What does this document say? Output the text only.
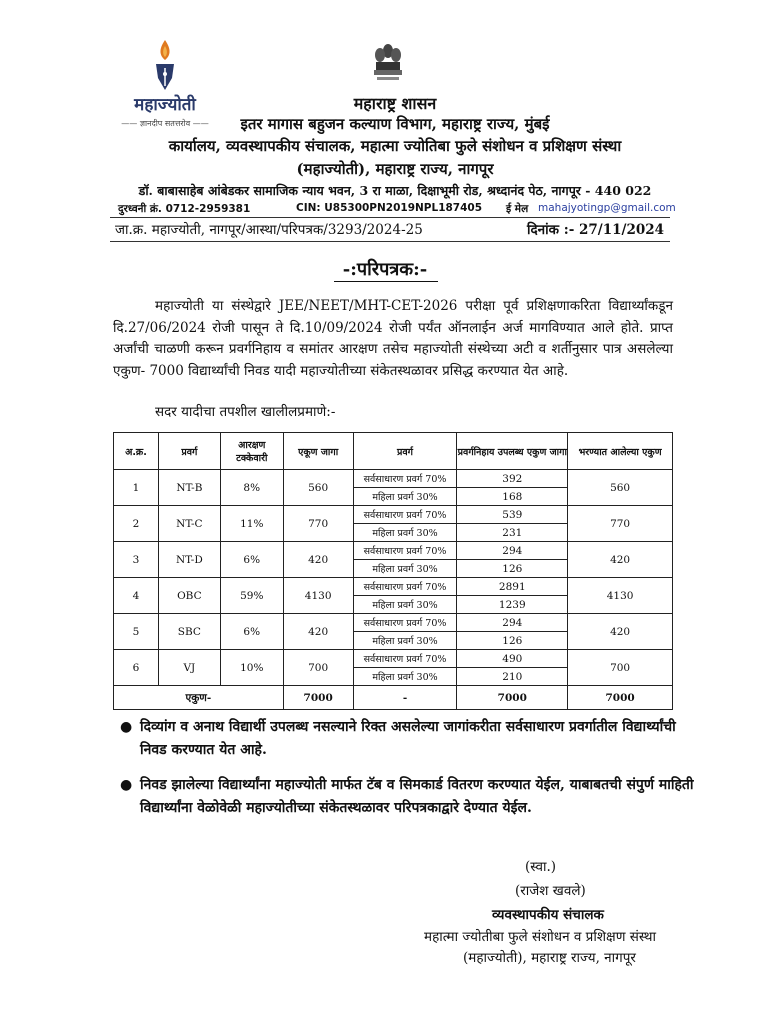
महाज्योती
—— ज्ञानदीप सतत्तरोव ——
महाराष्ट्र शासन
इतर मागास बहुजन कल्याण विभाग, महाराष्ट्र राज्य, मुंबई
कार्यालय, व्यवस्थापकीय संचालक, महात्मा ज्योतिबा फुले संशोधन व प्रशिक्षण संस्था
(महाज्योती), महाराष्ट्र राज्य, नागपूर
डॉ. बाबासाहेब आंबेडकर सामाजिक न्याय भवन, 3 रा माळा, दिक्षाभूमी रोड, श्रध्दानंद पेठ, नागपूर - 440 022
दुरध्वनी क्रं. 0712-2959381	CIN: U85300PN2019NPL187405 ई मेल mahajyotingp@gmail.com
जा.क्र. महाज्योती, नागपूर/आस्था/परिपत्रक/3293/2024-25	दिनांक :- 27/11/2024
-:परिपत्रक:-
महाज्योती या संस्थेद्वारे JEE/NEET/MHT-CET-2026 परीक्षा पूर्व प्रशिक्षणाकरिता विद्यार्थ्यांकडून दि.27/06/2024 रोजी पासून ते दि.10/09/2024 रोजी पर्यंत ऑनलाईन अर्ज मागविण्यात आले होते. प्राप्त अर्जांची चाळणी करून प्रवर्गनिहाय व समांतर आरक्षण तसेच महाज्योती संस्थेच्या अटी व शर्तीनुसार पात्र असलेल्या एकुण- 7000 विद्यार्थ्यांची निवड यादी महाज्योतीच्या संकेतस्थळावर प्रसिद्ध करण्यात येत आहे.
सदर यादीचा तपशील खालीलप्रमाणे:-
अ.क्र.	प्रवर्ग	आरक्षण टक्केवारी	एकूण जागा	प्रवर्ग	प्रवर्गनिहाय उपलब्ध एकुण जागा	भरण्यात आलेल्या एकुण
1	NT-B	8%	560	सर्वसाधारण प्रवर्ग 70%	392	560
				महिला प्रवर्ग 30%	168	
2	NT-C	11%	770	सर्वसाधारण प्रवर्ग 70%	539	770
				महिला प्रवर्ग 30%	231	
3	NT-D	6%	420	सर्वसाधारण प्रवर्ग 70%	294	420
				महिला प्रवर्ग 30%	126	
4	OBC	59%	4130	सर्वसाधारण प्रवर्ग 70%	2891	4130
				महिला प्रवर्ग 30%	1239	
5	SBC	6%	420	सर्वसाधारण प्रवर्ग 70%	294	420
				महिला प्रवर्ग 30%	126	
6	VJ	10%	700	सर्वसाधारण प्रवर्ग 70%	490	700
				महिला प्रवर्ग 30%	210	
एकुण-			7000	-	7000	7000
● दिव्यांग व अनाथ विद्यार्थी उपलब्ध नसल्याने रिक्त असलेल्या जागांकरीता सर्वसाधारण प्रवर्गातील विद्यार्थ्यांची निवड करण्यात येत आहे.
● निवड झालेल्या विद्यार्थ्यांना महाज्योती मार्फत टॅब व सिमकार्ड वितरण करण्यात येईल, याबाबतची संपुर्ण माहिती विद्यार्थ्यांना वेळोवेळी महाज्योतीच्या संकेतस्थळावर परिपत्रकाद्वारे देण्यात येईल.
(स्वा.)
(राजेश खवले)
व्यवस्थापकीय संचालक
महात्मा ज्योतीबा फुले संशोधन व प्रशिक्षण संस्था
(महाज्योती), महाराष्ट्र राज्य, नागपूर
